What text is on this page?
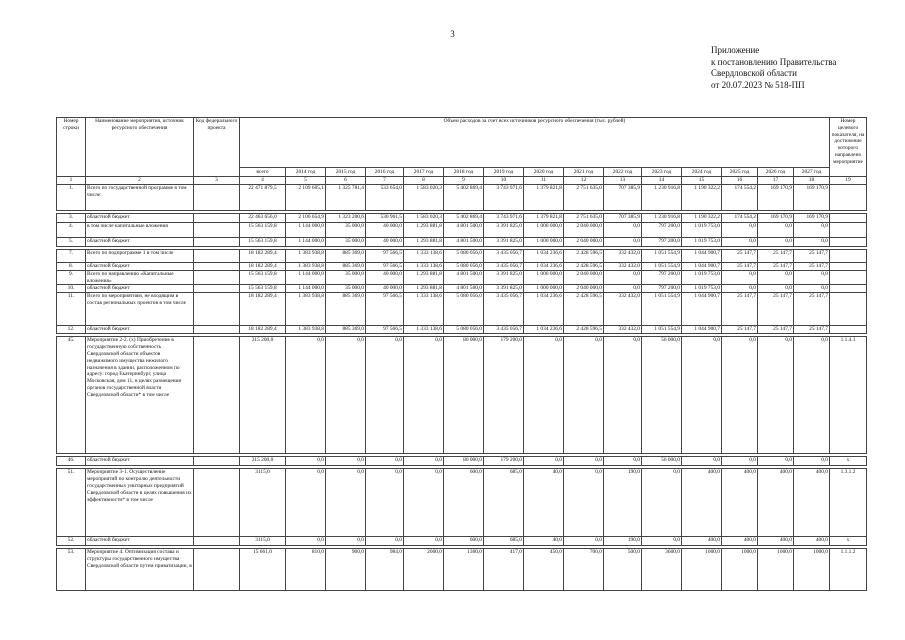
3
Приложение
к постановлению Правительства
Свердловской области
от 20.07.2023 № 518-ПП
Номер строки	Наименование мероприятия, источник ресурсного обеспечения	Код федерального проекта	Объем расходов за счет всех источников ресурсного обеспечения (тыс. рублей)															Номер целевого показателя, на достижение которого направлено мероприятие
			всего	2014 год	2015 год	2016 год	2017 год	2018 год	2019 год	2020 год	2021 год	2022 год	2023 год	2024 год	2025 год	2026 год	2027 год	
1	2	3	4	5	6	7	8	9	10	11	12	13	14	15	16	17	18	19
1.	Всего по государственной программе в том числе:		22 471 879,5	2 109 605,1	1 325 781,4	533 654,0	1 583 020,3	5 402 869,4	3 743 971,6	1 379 821,8	2 751 635,0	707 385,9	1 230 916,8	1 190 322,2	174 554,2	169 170,9	169 170,9	

3.	областной бюджет		22 463 656,0	2 106 654,9	1 323 200,6	530 961,5	1 583 020,3	5 402 869,4	3 743 971,6	1 379 821,8	2 751 635,0	707 385,9	1 230 916,8	1 190 322,2	174 554,2	169 170,9	169 170,9	
4.	в том числе капитальные вложения		15 563 159,8	1 144 000,0	35 000,0	40 000,0	1 293 881,8	4 801 500,0	3 391 825,0	1 000 000,0	2 040 000,0	0,0	797 200,0	1 019 753,0	0,0	0,0	0,0	
5.	областной бюджет		15 563 159,8	1 144 000,0	35 000,0	40 000,0	1 293 881,8	4 801 500,0	3 391 825,0	1 000 000,0	2 040 000,0	0,0	797 200,0	1 019 753,0	0,0	0,0	0,0	

7.	Всего по подпрограмме 1 в том числе		18 182 289,4	1 383 938,8	885 369,0	97 566,5	1 333 138,6	5 080 056,0	3 435 056,7	1 034 236,6	2 428 596,5	332 432,0	1 051 554,9	1 044 900,7	25 147,7	25 147,7	25 147,7	
8.	областной бюджет		18 182 289,4	1 383 938,8	885 369,0	97 566,5	1 333 138,6	5 080 056,0	3 435 056,7	1 034 236,6	2 428 596,5	332 432,0	1 051 554,9	1 044 900,7	25 147,7	25 147,7	25 147,7	
9.	Всего по направлению «Капитальные вложения»		15 563 159,8	1 144 000,0	35 000,0	40 000,0	1 293 881,8	4 801 500,0	3 391 825,0	1 000 000,0	2 040 000,0	0,0	797 200,0	1 019 753,0	0,0	0,0	0,0	
10.	областной бюджет		15 563 159,8	1 144 000,0	35 000,0	40 000,0	1 293 881,8	4 801 500,0	3 391 825,0	1 000 000,0	2 040 000,0	0,0	797 200,0	1 019 753,0	0,0	0,0	0,0	
11.	Всего по мероприятиям, не входящим в состав региональных проектов в том числе		18 182 289,4	1 383 938,8	885 369,0	97 566,5	1 333 138,6	5 080 056,0	3 435 056,7	1 034 236,6	2 428 596,5	332 432,0	1 051 554,9	1 044 900,7	25 147,7	25 147,7	25 147,7	
12.	областной бюджет		18 182 289,4	1 383 938,8	885 369,0	97 566,5	1 333 138,6	5 080 056,0	3 435 056,7	1 034 236,6	2 428 596,5	332 432,0	1 051 554,9	1 044 900,7	25 147,7	25 147,7	25 147,7	

45.	Мероприятие 2-2. (х) Приобретение в государственную собственность Свердловской области объектов недвижимого имущества нежилого назначения в здании, расположенном по адресу: город Екатеринбург, улица Московская, дом 11, в целях размещения органов государственной власти Свердловской области* в том числе		315 200,0	0,0	0,0	0,0	0,0	80 000,0	179 200,0	0,0	0,0	0,0	56 000,0	0,0	0,0	0,0	0,0	1.1.4.1

46.	областной бюджет		315 200,0	0,0	0,0	0,0	0,0	80 000,0	179 200,0	0,0	0,0	0,0	56 000,0	0,0	0,0	0,0	0,0	х

51.	Мероприятие 3-1. Осуществление мероприятий по контролю деятельности государственных унитарных предприятий Свердловской области в целях повышения их эффективности* в том числе		3115,0	0,0	0,0	0,0	0,0	600,0	685,0	40,0	0,0	190,0	0,0	400,0	400,0	400,0	400,0	1.3.1.2
52.	областной бюджет		3115,0	0,0	0,0	0,0	0,0	600,0	685,0	40,0	0,0	190,0	0,0	400,0	400,0	400,0	400,0	х

53.	Мероприятие 4. Оптимизация состава и структуры государственного имущества Свердловской области путем приватизации, в		15 661,0	810,0	900,0	984,0	2000,0	1300,0	417,0	450,0	700,0	500,0	3600,0	1000,0	1000,0	1000,0	1000,0	1.1.1.2
